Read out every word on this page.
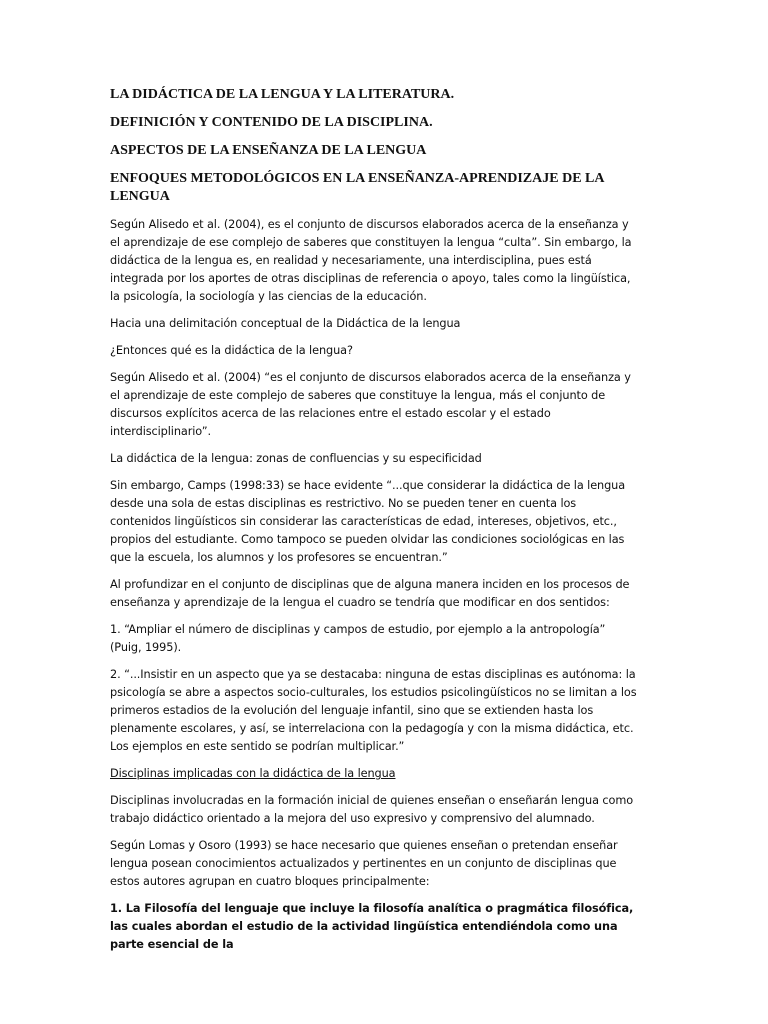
LA DIDÁCTICA DE LA LENGUA Y LA LITERATURA.
DEFINICIÓN Y CONTENIDO DE LA DISCIPLINA.
ASPECTOS DE LA ENSEÑANZA DE LA LENGUA
ENFOQUES METODOLÓGICOS EN LA ENSEÑANZA-APRENDIZAJE DE LA LENGUA

Según Alisedo et al. (2004), es el conjunto de discursos elaborados acerca de la enseñanza y el aprendizaje de ese complejo de saberes que constituyen la lengua “culta”. Sin embargo, la didáctica de la lengua es, en realidad y necesariamente, una interdisciplina, pues está integrada por los aportes de otras disciplinas de referencia o apoyo, tales como la lingüística, la psicología, la sociología y las ciencias de la educación.

Hacia una delimitación conceptual de la Didáctica de la lengua

¿Entonces qué es la didáctica de la lengua?

Según Alisedo et al. (2004) “es el conjunto de discursos elaborados acerca de la enseñanza y el aprendizaje de este complejo de saberes que constituye la lengua, más el conjunto de discursos explícitos acerca de las relaciones entre el estado escolar y el estado interdisciplinario”.

La didáctica de la lengua: zonas de confluencias y su especificidad

Sin embargo, Camps (1998:33) se hace evidente “...que considerar la didáctica de la lengua desde una sola de estas disciplinas es restrictivo. No se pueden tener en cuenta los contenidos lingüísticos sin considerar las características de edad, intereses, objetivos, etc., propios del estudiante. Como tampoco se pueden olvidar las condiciones sociológicas en las que la escuela, los alumnos y los profesores se encuentran.”

Al profundizar en el conjunto de disciplinas que de alguna manera inciden en los procesos de enseñanza y aprendizaje de la lengua el cuadro se tendría que modificar en dos sentidos:

1. “Ampliar el número de disciplinas y campos de estudio, por ejemplo a la antropología” (Puig, 1995).

2. “...Insistir en un aspecto que ya se destacaba: ninguna de estas disciplinas es autónoma: la psicología se abre a aspectos socio-culturales, los estudios psicolingüísticos no se limitan a los primeros estadios de la evolución del lenguaje infantil, sino que se extienden hasta los plenamente escolares, y así, se interrelaciona con la pedagogía y con la misma didáctica, etc. Los ejemplos en este sentido se podrían multiplicar.”

Disciplinas implicadas con la didáctica de la lengua

Disciplinas involucradas en la formación inicial de quienes enseñan o enseñarán lengua como trabajo didáctico orientado a la mejora del uso expresivo y comprensivo del alumnado.

Según Lomas y Osoro (1993) se hace necesario que quienes enseñan o pretendan enseñar lengua posean conocimientos actualizados y pertinentes en un conjunto de disciplinas que estos autores agrupan en cuatro bloques principalmente:

1. La Filosofía del lenguaje que incluye la filosofía analítica o pragmática filosófica, las cuales abordan el estudio de la actividad lingüística entendiéndola como una parte esencial de la
